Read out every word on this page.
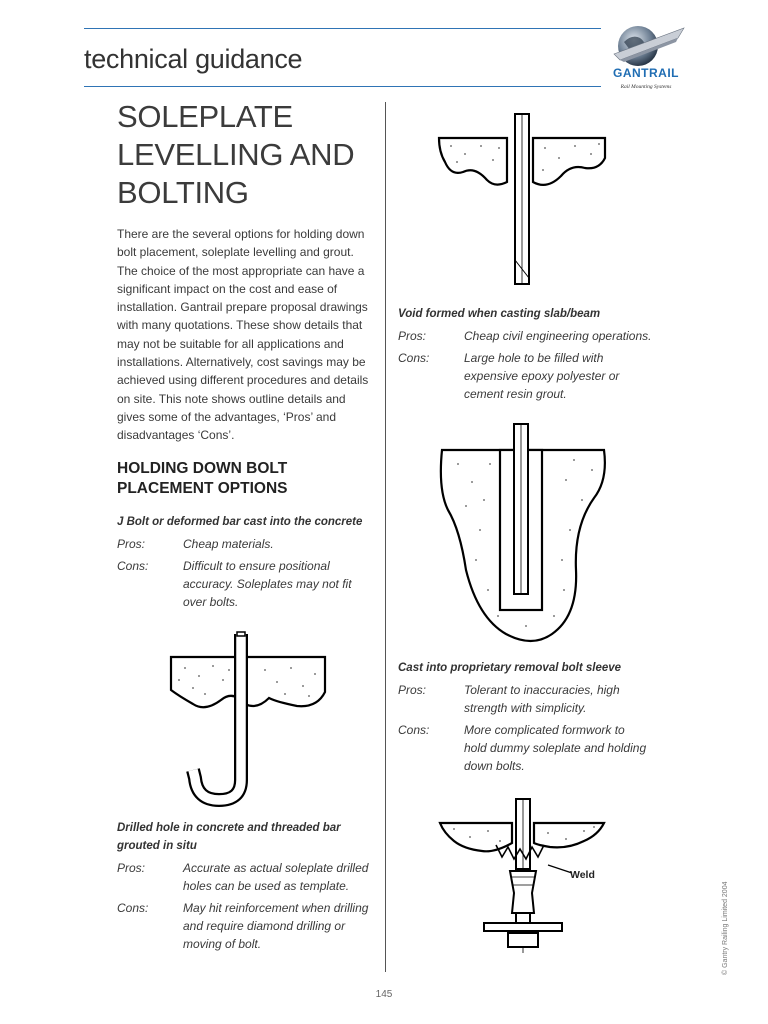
technical guidance	GANTRAIL
Rail Mounting Systems
SOLEPLATE
LEVELLING AND
BOLTING

There are the several options for holding down bolt placement, soleplate levelling and grout. The choice of the most appropriate can have a significant impact on the cost and ease of installation. Gantrail prepare proposal drawings with many quotations. These show details that may not be suitable for all applications and installations. Alternatively, cost savings may be achieved using different procedures and details on site. This note shows outline details and gives some of the advantages, ‘Pros’ and disadvantages ‘Cons’.

HOLDING DOWN BOLT
PLACEMENT OPTIONS

J Bolt or deformed bar cast into the concrete

Pros:	Cheap materials.
Cons:	Difficult to ensure positional
accuracy. Soleplates may not fit
over bolts.
Drilled hole in concrete and threaded bar
grouted in situ
Pros:	Accurate as actual soleplate drilled
holes can be used as template.
Cons:	May hit reinforcement when drilling
and require diamond drilling or
moving of bolt.

Void formed when casting slab/beam

Pros:	Cheap civil engineering operations.
Cons:	Large hole to be filled with
expensive epoxy polyester or
cement resin grout.

Cast into proprietary removal bolt sleeve

Pros:	Tolerant to inaccuracies, high
strength with simplicity.
Cons:	More complicated formwork to
hold dummy soleplate and holding
down bolts.
Weld
© Gantry Railing Limited 2004
145
